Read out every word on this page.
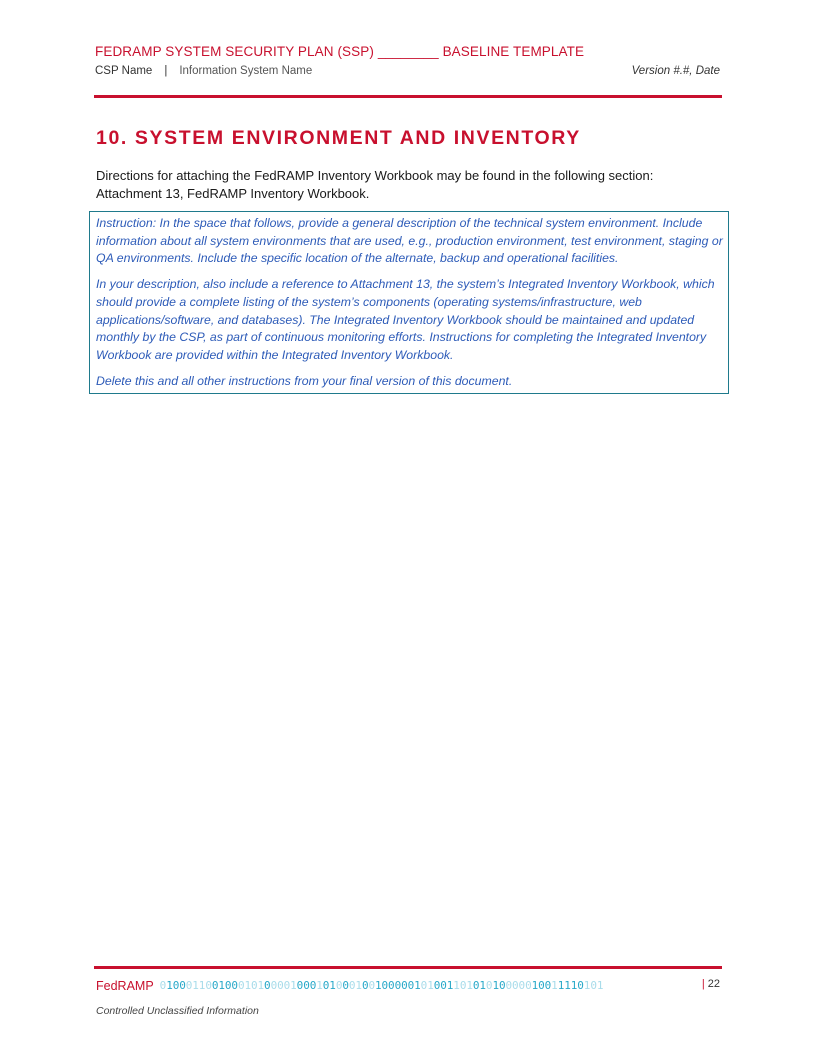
FEDRAMP SYSTEM SECURITY PLAN (SSP) ________ BASELINE TEMPLATE
CSP Name | Information System Name	Version #.#, Date
10. SYSTEM ENVIRONMENT AND INVENTORY
Directions for attaching the FedRAMP Inventory Workbook may be found in the following section:
Attachment 13, FedRAMP Inventory Workbook.

Instruction: In the space that follows, provide a general description of the technical system environment. Include information about all system environments that are used, e.g., production environment, test environment, staging or QA environments. Include the specific location of the alternate, backup and operational facilities.

In your description, also include a reference to Attachment 13, the system’s Integrated Inventory Workbook, which should provide a complete listing of the system’s components (operating systems/infrastructure, web applications/software, and databases). The Integrated Inventory Workbook should be maintained and updated monthly by the CSP, as part of continuous monitoring efforts. Instructions for completing the Integrated Inventory Workbook are provided within the Integrated Inventory Workbook.

Delete this and all other instructions from your final version of this document.

FedRAMP 01000110010001010000100010100010010000010100110101010000010011110101	| 22
Controlled Unclassified Information
